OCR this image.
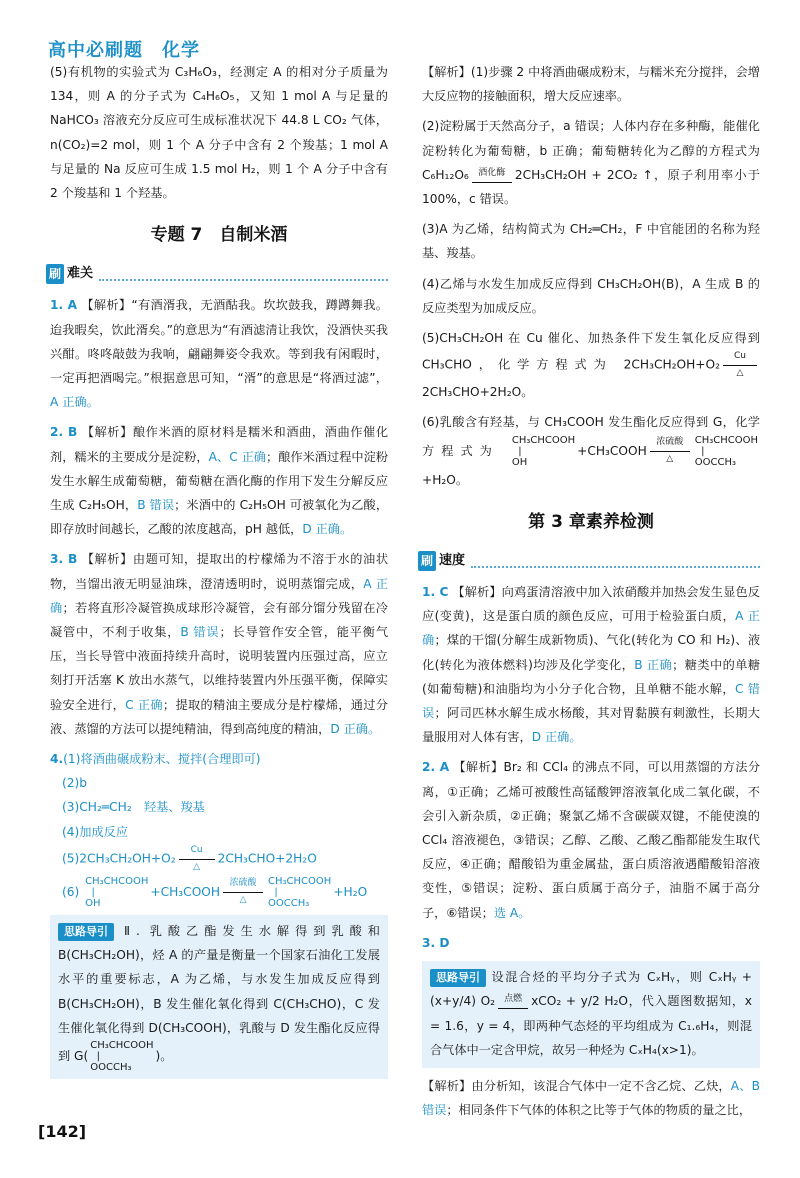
高中必刷题　化学

(5)有机物的实验式为 C₃H₆O₃，经测定 A 的相对分子质量为 134，则 A 的分子式为 C₄H₆O₅，又知 1 mol A 与足量的 NaHCO₃ 溶液充分反应可生成标准状况下 44.8 L CO₂ 气体，n(CO₂)=2 mol，则 1 个 A 分子中含有 2 个羧基；1 mol A 与足量的 Na 反应可生成 1.5 mol H₂，则 1 个 A 分子中含有 2 个羧基和 1 个羟基。

专题 7　自制米酒
刷 难关

1. A 【解析】“有酒湑我，无酒酤我。坎坎鼓我，蹲蹲舞我。迨我暇矣，饮此湑矣。”的意思为“有酒滤清让我饮，没酒快买我兴酣。咚咚敲鼓为我响，翩翩舞姿令我欢。等到我有闲暇时，一定再把酒喝完。”根据意思可知，“湑”的意思是“将酒过滤”，A 正确。

2. B 【解析】酿作米酒的原材料是糯米和酒曲，酒曲作催化剂，糯米的主要成分是淀粉，A、C 正确；酿作米酒过程中淀粉发生水解生成葡萄糖，葡萄糖在酒化酶的作用下发生分解反应生成 C₂H₅OH，B 错误；米酒中的 C₂H₅OH 可被氧化为乙酸，即存放时间越长，乙酸的浓度越高，pH 越低，D 正确。

3. B 【解析】由题可知，提取出的柠檬烯为不溶于水的油状物，当馏出液无明显油珠，澄清透明时，说明蒸馏完成，A 正确；若将直形冷凝管换成球形冷凝管，会有部分馏分残留在冷凝管中，不利于收集，B 错误；长导管作安全管，能平衡气压，当长导管中液面持续升高时，说明装置内压强过高，应立刻打开活塞 K 放出水蒸气，以维持装置内外压强平衡，保障实验安全进行，C 正确；提取的精油主要成分是柠檬烯，通过分液、蒸馏的方法可以提纯精油，得到高纯度的精油，D 正确。

4.(1)将酒曲碾成粉末、搅拌(合理即可)
(2)b
(3)CH₂═CH₂　羟基、羧基
(4)加成反应
(5)2CH₃CH₂OH+O₂
Cu
△
2CH₃CHO+2H₂O
(6)
CH₃CHCOOH
|
OH
+CH₃COOH
浓硫酸
△
CH₃CHCOOH
|
OOCCH₃
+H₂O
思路导引 Ⅱ. 乳酸乙酯发生水解得到乳酸和 B(CH₃CH₂OH)，烃 A 的产量是衡量一个国家石油化工发展水平的重要标志，A 为乙烯，与水发生加成反应得到 B(CH₃CH₂OH)，B 发生催化氧化得到 C(CH₃CHO)，C 发生催化氧化得到 D(CH₃COOH)，乳酸与 D 发生酯化反应得到 G(
CH₃CHCOOH
|
OOCCH₃
)。

【解析】(1)步骤 2 中将酒曲碾成粉末，与糯米充分搅拌，会增大反应物的接触面积，增大反应速率。

(2)淀粉属于天然高分子，a 错误；人体内存在多种酶，能催化淀粉转化为葡萄糖，b 正确；葡萄糖转化为乙醇的方程式为 C₆H₁₂O₆	酒化酶 2CH₃CH₂OH + 2CO₂ ↑，原子利用率小于 100%，c 错误。

(3)A 为乙烯，结构简式为 CH₂═CH₂，F 中官能团的名称为羟基、羧基。

(4)乙烯与水发生加成反应得到 CH₃CH₂OH(B)，A 生成 B 的反应类型为加成反应。

(5)CH₃CH₂OH 在 Cu 催化、加热条件下发生氧化反应得到 CH₃CHO，化学方程式为 2CH₃CH₂OH+O₂
Cu
△
2CH₃CHO+2H₂O。

(6)乳酸含有羟基，与 CH₃COOH 发生酯化反应得到 G，化学方程式为
CH₃CHCOOH
|
OH
+CH₃COOH
浓硫酸
△
CH₃CHCOOH
|
OOCCH₃
+H₂O。

第 3 章素养检测
刷 速度

1. C 【解析】向鸡蛋清溶液中加入浓硝酸并加热会发生显色反应(变黄)，这是蛋白质的颜色反应，可用于检验蛋白质，A 正确；煤的干馏(分解生成新物质)、气化(转化为 CO 和 H₂)、液化(转化为液体燃料)均涉及化学变化，B 正确；糖类中的单糖(如葡萄糖)和油脂均为小分子化合物，且单糖不能水解，C 错误；阿司匹林水解生成水杨酸，其对胃黏膜有刺激性，长期大量服用对人体有害，D 正确。

2. A 【解析】Br₂ 和 CCl₄ 的沸点不同，可以用蒸馏的方法分离，①正确；乙烯可被酸性高锰酸钾溶液氧化成二氧化碳，不会引入新杂质，②正确；聚氯乙烯不含碳碳双键，不能使溴的 CCl₄ 溶液褪色，③错误；乙醇、乙酸、乙酸乙酯都能发生取代反应，④正确；醋酸铅为重金属盐，蛋白质溶液遇醋酸铅溶液变性，⑤错误；淀粉、蛋白质属于高分子，油脂不属于高分子，⑥错误；选 A。

3. D

思路导引 设混合烃的平均分子式为 CₓHᵧ，则 CₓHᵧ + (x+y/4) O₂ 点燃 xCO₂ + y/2 H₂O，代入题图数据知，x = 1.6，y = 4，即两种气态烃的平均组成为 C₁.₆H₄，则混合气体中一定含甲烷，故另一种烃为 CₓH₄(x>1)。

【解析】由分析知，该混合气体中一定不含乙烷、乙炔，A、B 错误；相同条件下气体的体积之比等于气体的物质的量之比，

[142]
